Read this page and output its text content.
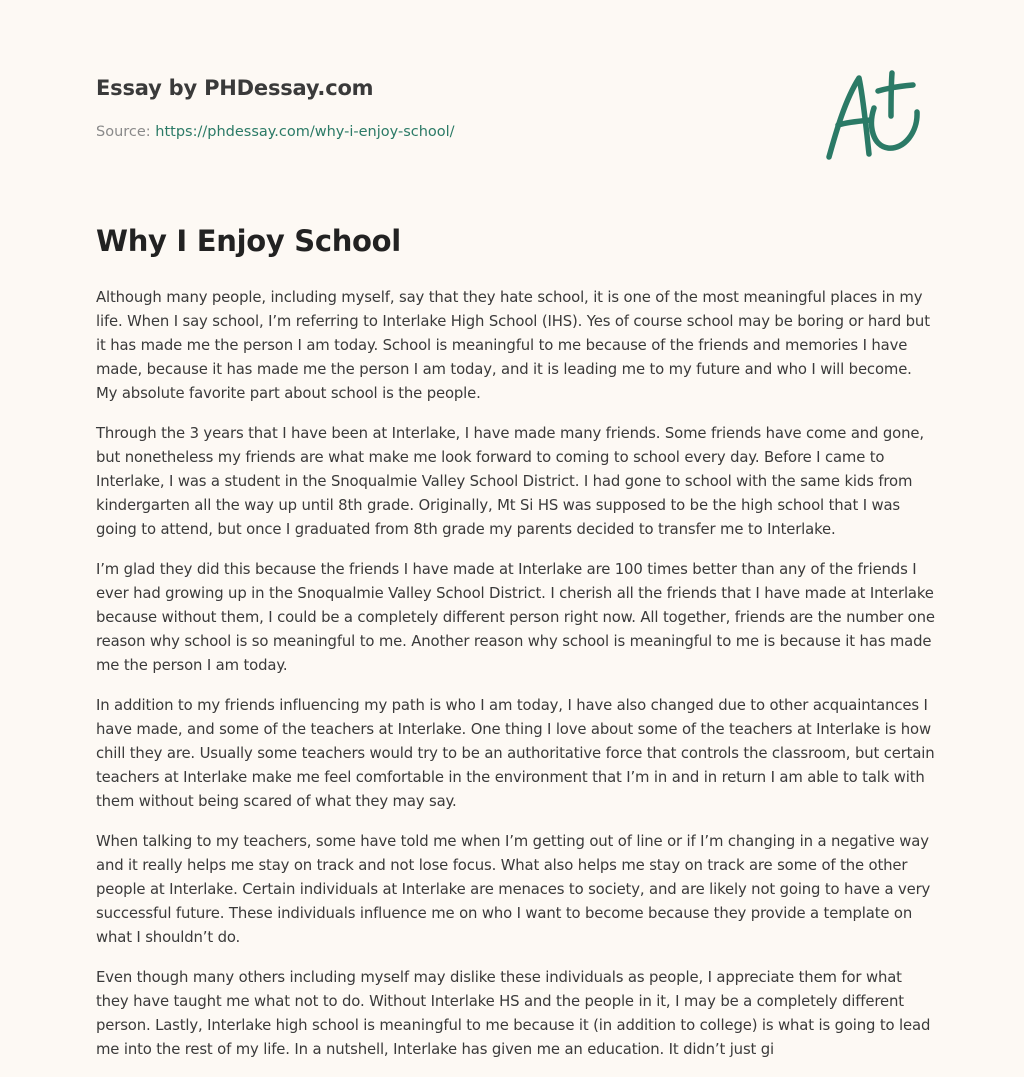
Essay by PHDessay.com
Source: https://phdessay.com/why-i-enjoy-school/
Why I Enjoy School

Although many people, including myself, say that they hate school, it is one of the most meaningful places in my life. When I say school, I’m referring to Interlake High School (IHS). Yes of course school may be boring or hard but it has made me the person I am today. School is meaningful to me because of the friends and memories I have made, because it has made me the person I am today, and it is leading me to my future and who I will become. My absolute favorite part about school is the people.

Through the 3 years that I have been at Interlake, I have made many friends. Some friends have come and gone, but nonetheless my friends are what make me look forward to coming to school every day. Before I came to Interlake, I was a student in the Snoqualmie Valley School District. I had gone to school with the same kids from kindergarten all the way up until 8th grade. Originally, Mt Si HS was supposed to be the high school that I was going to attend, but once I graduated from 8th grade my parents decided to transfer me to Interlake.

I’m glad they did this because the friends I have made at Interlake are 100 times better than any of the friends I ever had growing up in the Snoqualmie Valley School District. I cherish all the friends that I have made at Interlake because without them, I could be a completely different person right now. All together, friends are the number one reason why school is so meaningful to me. Another reason why school is meaningful to me is because it has made me the person I am today.

In addition to my friends influencing my path is who I am today, I have also changed due to other acquaintances I have made, and some of the teachers at Interlake. One thing I love about some of the teachers at Interlake is how chill they are. Usually some teachers would try to be an authoritative force that controls the classroom, but certain teachers at Interlake make me feel comfortable in the environment that I’m in and in return I am able to talk with them without being scared of what they may say.

When talking to my teachers, some have told me when I’m getting out of line or if I’m changing in a negative way and it really helps me stay on track and not lose focus. What also helps me stay on track are some of the other people at Interlake. Certain individuals at Interlake are menaces to society, and are likely not going to have a very successful future. These individuals influence me on who I want to become because they provide a template on what I shouldn’t do.

Even though many others including myself may dislike these individuals as people, I appreciate them for what they have taught me what not to do. Without Interlake HS and the people in it, I may be a completely different person. Lastly, Interlake high school is meaningful to me because it (in addition to college) is what is going to lead me into the rest of my life. In a nutshell, Interlake has given me an education. It didn’t just gi
